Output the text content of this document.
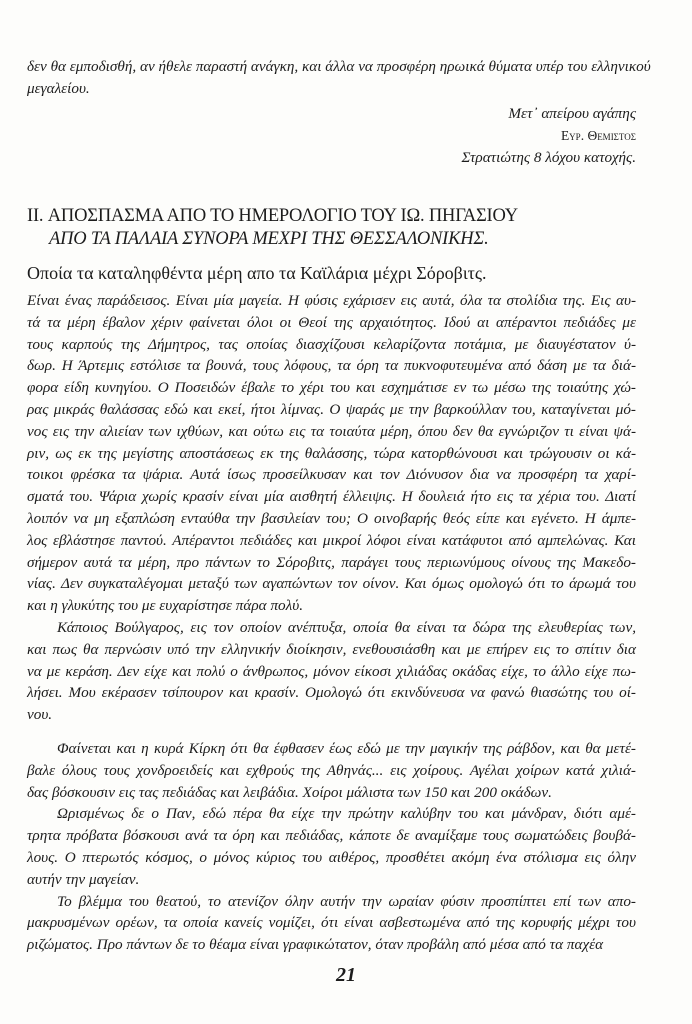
δεν θα εμποδισθή, αν ήθελε παραστή ανάγκη, και άλλα να προσφέρη ηρωικά θύματα υπέρ του ελληνικού
μεγαλείου.
Μετ᾽ απείρου αγάπης
Ευρ. Θεμιστος
Στρατιώτης 8 λόχου κατοχής.
II. ΑΠΟΣΠΑΣΜΑ ΑΠΟ ΤΟ ΗΜΕΡΟΛΟΓΙΟ ΤΟΥ ΙΩ. ΠΗΓΑΣΙΟΥ
ΑΠΟ ΤΑ ΠΑΛΑΙΑ ΣΥΝΟΡΑ ΜΕΧΡΙ ΤΗΣ ΘΕΣΣΑΛΟΝΙΚΗΣ.
Οποία τα καταληφθέντα μέρη απο τα Καϊλάρια μέχρι Σόροβιτς.
Είναι ένας παράδεισος. Είναι μία μαγεία. Η φύσις εχάρισεν εις αυτά, όλα τα στολίδια της. Εις αυ-
τά τα μέρη έβαλον χέριν φαίνεται όλοι οι Θεοί της αρχαιότητος. Ιδού αι απέραντοι πεδιάδες με
τους καρπούς της Δήμητρος, τας οποίας διασχίζουσι κελαρίζοντα ποτάμια, με διαυγέστατον ύ-
δωρ. Η Άρτεμις εστόλισε τα βουνά, τους λόφους, τα όρη τα πυκνοφυτευμένα από δάση με τα διά-
φορα είδη κυνηγίου. Ο Ποσειδών έβαλε το χέρι του και εσχημάτισε εν τω μέσω της τοιαύτης χώ-
ρας μικράς θαλάσσας εδώ και εκεί, ήτοι λίμνας. Ο ψαράς με την βαρκούλλαν του, καταγίνεται μό-
νος εις την αλιείαν των ιχθύων, και ούτω εις τα τοιαύτα μέρη, όπου δεν θα εγνώριζον τι είναι ψά-
ριν, ως εκ της μεγίστης αποστάσεως εκ της θαλάσσης, τώρα κατορθώνουσι και τρώγουσιν οι κά-
τοικοι φρέσκα τα ψάρια. Αυτά ίσως προσείλκυσαν και τον Διόνυσον δια να προσφέρη τα χαρί-
σματά του. Ψάρια χωρίς κρασίν είναι μία αισθητή έλλειψις. Η δουλειά ήτο εις τα χέρια του. Διατί
λοιπόν να μη εξαπλώση ενταύθα την βασιλείαν του; Ο οινοβαρής θεός είπε και εγένετο. Η άμπε-
λος εβλάστησε παντού. Απέραντοι πεδιάδες και μικροί λόφοι είναι κατάφυτοι από αμπελώνας. Και
σήμερον αυτά τα μέρη, προ πάντων το Σόροβιτς, παράγει τους περιωνύμους οίνους της Μακεδο-
νίας. Δεν συγκαταλέγομαι μεταξύ των αγαπώντων τον οίνον. Και όμως ομολογώ ότι το άρωμά του
και η γλυκύτης του με ευχαρίστησε πάρα πολύ.
Κάποιος Βούλγαρος, εις τον οποίον ανέπτυξα, οποία θα είναι τα δώρα της ελευθερίας των,
και πως θα περνώσιν υπό την ελληνικήν διοίκησιν, ενεθουσιάσθη και με επήρεν εις το σπίτιν δια
να με κεράση. Δεν είχε και πολύ ο άνθρωπος, μόνον είκοσι χιλιάδας οκάδας είχε, το άλλο είχε πω-
λήσει. Μου εκέρασεν τσίπουρον και κρασίν. Ομολογώ ότι εκινδύνευσα να φανώ θιασώτης του οί-
νου.
Φαίνεται και η κυρά Κίρκη ότι θα έφθασεν έως εδώ με την μαγικήν της ράβδον, και θα μετέ-
βαλε όλους τους χονδροειδείς και εχθρούς της Αθηνάς... εις χοίρους. Αγέλαι χοίρων κατά χιλιά-
δας βόσκουσιν εις τας πεδιάδας και λειβάδια. Χοίροι μάλιστα των 150 και 200 οκάδων.
Ωρισμένως δε ο Παν, εδώ πέρα θα είχε την πρώτην καλύβην του και μάνδραν, διότι αμέ-
τρητα πρόβατα βόσκουσι ανά τα όρη και πεδιάδας, κάποτε δε αναμίξαμε τους σωματώδεις βουβά-
λους. Ο πτερωτός κόσμος, ο μόνος κύριος του αιθέρος, προσθέτει ακόμη ένα στόλισμα εις όλην
αυτήν την μαγείαν.
Το βλέμμα του θεατού, το ατενίζον όλην αυτήν την ωραίαν φύσιν προσπίπτει επί των απο-
μακρυσμένων ορέων, τα οποία κανείς νομίζει, ότι είναι ασβεστωμένα από της κορυφής μέχρι του
ριζώματος. Προ πάντων δε το θέαμα είναι γραφικώτατον, όταν προβάλη από μέσα από τα παχέα
21
